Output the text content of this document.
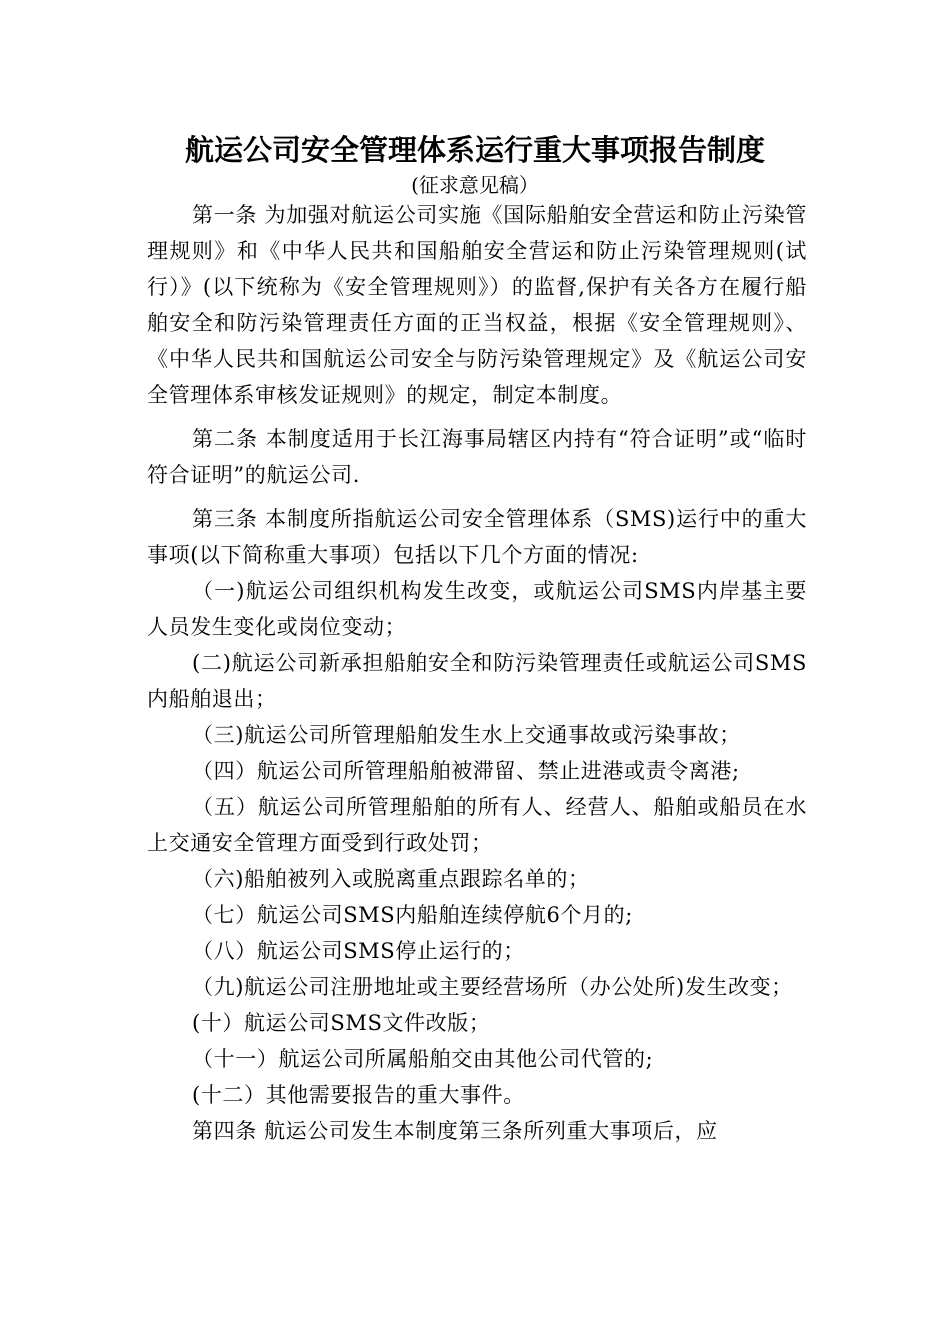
航运公司安全管理体系运行重大事项报告制度
(征求意见稿）

第一条 为加强对航运公司实施《国际船舶安全营运和防止污染管理规则》和《中华人民共和国船舶安全营运和防止污染管理规则(试行）》(以下统称为《安全管理规则》）的监督,保护有关各方在履行船舶安全和防污染管理责任方面的正当权益，根据《安全管理规则》、《中华人民共和国航运公司安全与防污染管理规定》及《航运公司安全管理体系审核发证规则》的规定，制定本制度。

第二条 本制度适用于长江海事局辖区内持有“符合证明”或“临时符合证明”的航运公司.

第三条 本制度所指航运公司安全管理体系（SMS)运行中的重大事项(以下简称重大事项）包括以下几个方面的情况:

（一)航运公司组织机构发生改变，或航运公司SMS内岸基主要人员发生变化或岗位变动；

(二)航运公司新承担船舶安全和防污染管理责任或航运公司SMS内船舶退出；

（三)航运公司所管理船舶发生水上交通事故或污染事故；

（四）航运公司所管理船舶被滞留、禁止进港或责令离港;

（五）航运公司所管理船舶的所有人、经营人、船舶或船员在水上交通安全管理方面受到行政处罚；

（六)船舶被列入或脱离重点跟踪名单的；

（七）航运公司SMS内船舶连续停航6个月的;

（八）航运公司SMS停止运行的；

（九)航运公司注册地址或主要经营场所（办公处所)发生改变；

(十）航运公司SMS文件改版；

（十一）航运公司所属船舶交由其他公司代管的;

(十二）其他需要报告的重大事件。

第四条 航运公司发生本制度第三条所列重大事项后，应
